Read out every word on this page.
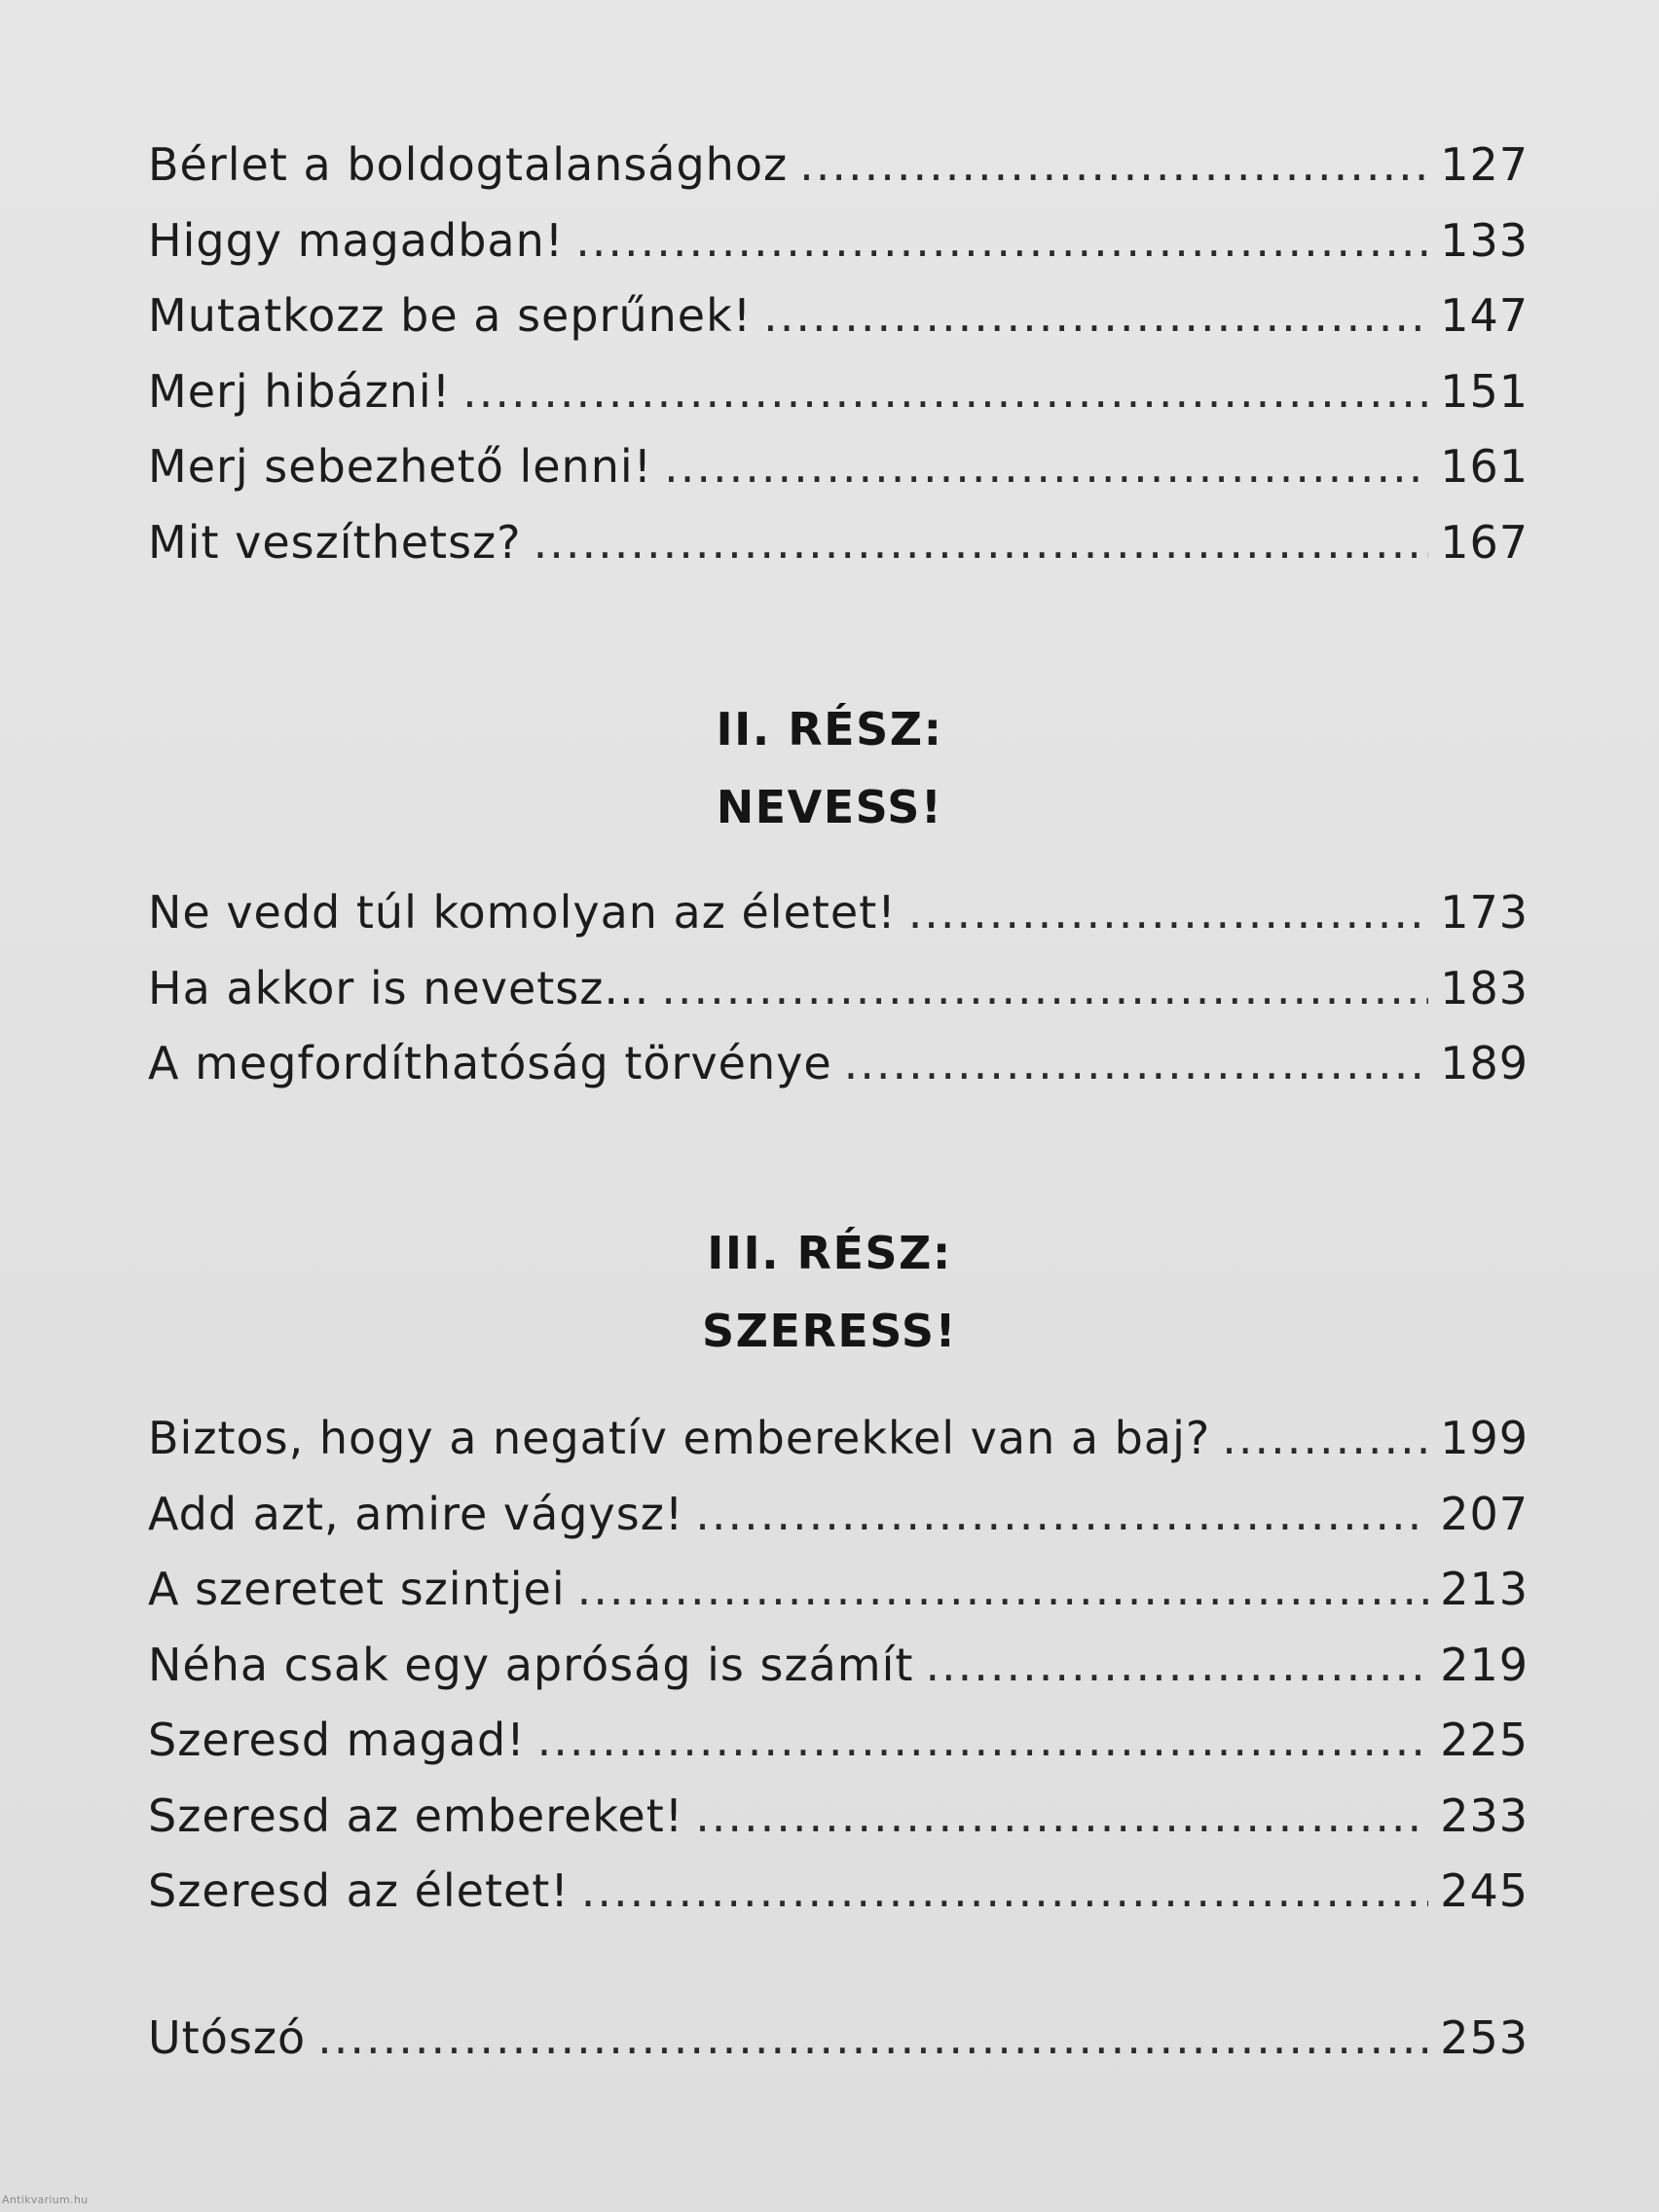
Bérlet a boldogtalansághoz .....	127
Higgy magadban! .....	133
Mutatkozz be a seprűnek! .....	147
Merj hibázni! .....	151
Merj sebezhető lenni! .....	161
Mit veszíthetsz? .....	167
II. RÉSZ:
NEVESS!
Ne vedd túl komolyan az életet! .....	173
Ha akkor is nevetsz... .....	183
A megfordíthatóság törvénye .....	189
III. RÉSZ:
SZERESS!
Biztos, hogy a negatív emberekkel van a baj? .....	199
Add azt, amire vágysz! .....	207
A szeretet szintjei .....	213
Néha csak egy apróság is számít .....	219
Szeresd magad! .....	225
Szeresd az embereket! .....	233
Szeresd az életet! .....	245
Utószó .....	253
Antikvarium.hu
